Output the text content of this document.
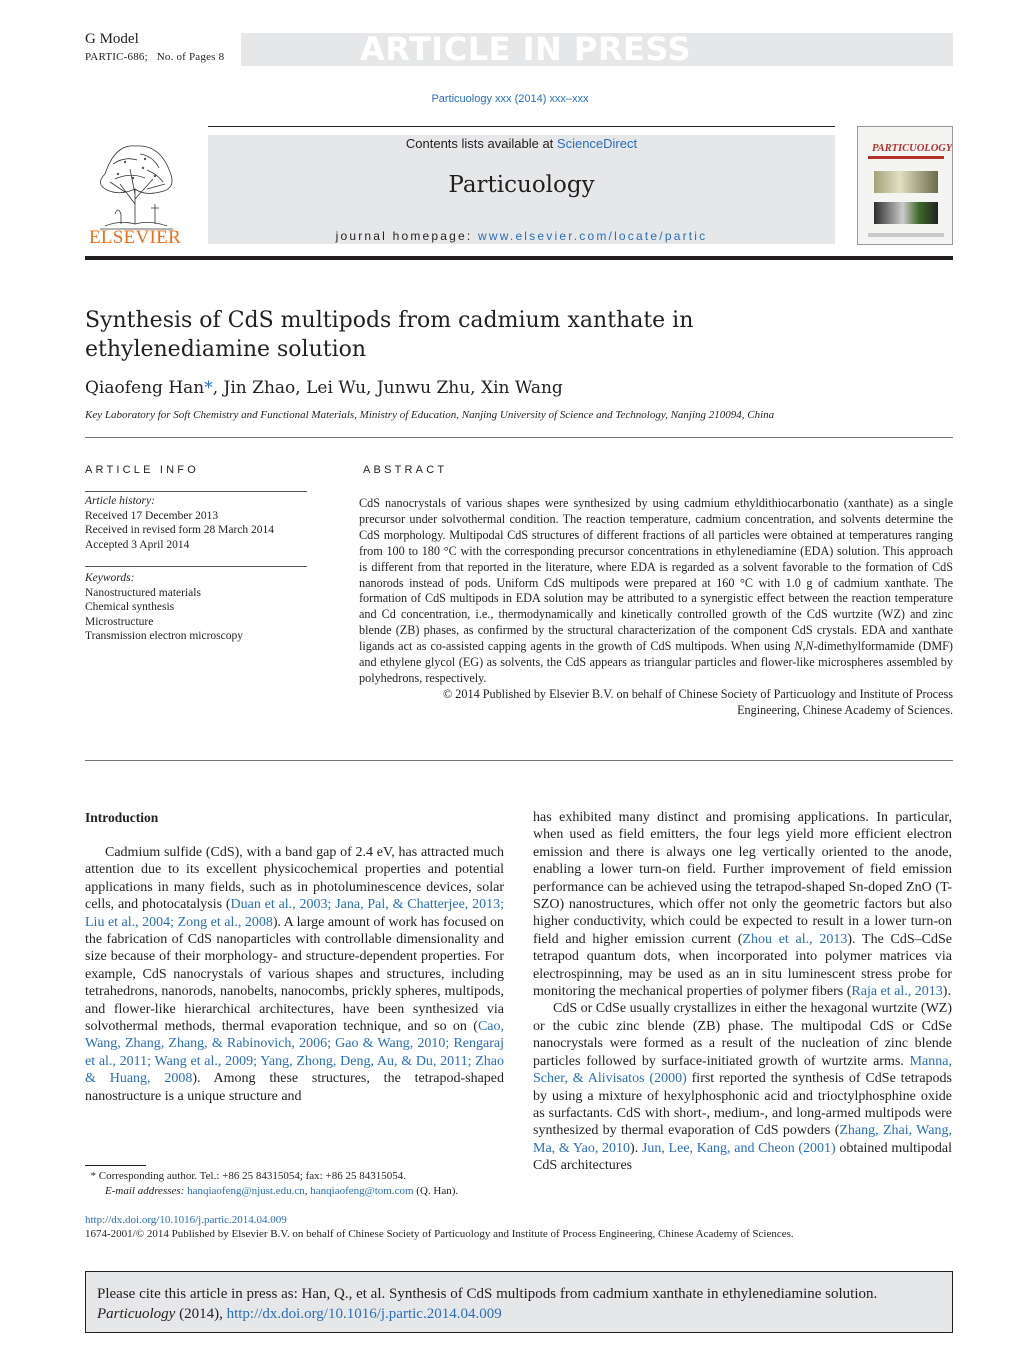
G Model
PARTIC-686; No. of Pages 8	ARTICLE IN PRESS
Particuology xxx (2014) xxx–xxx
Contents lists available at ScienceDirect
Particuology
journal homepage: www.elsevier.com/locate/partic
ELSEVIER
PARTICUOLOGY
Synthesis of CdS multipods from cadmium xanthate in ethylenediamine solution
Qiaofeng Han*, Jin Zhao, Lei Wu, Junwu Zhu, Xin Wang
Key Laboratory for Soft Chemistry and Functional Materials, Ministry of Education, Nanjing University of Science and Technology, Nanjing 210094, China
ARTICLE INFO
Article history:
Received 17 December 2013
Received in revised form 28 March 2014
Accepted 3 April 2014
Keywords:
Nanostructured materials
Chemical synthesis
Microstructure
Transmission electron microscopy
ABSTRACT
CdS nanocrystals of various shapes were synthesized by using cadmium ethyldithiocarbonatio (xanthate) as a single precursor under solvothermal condition. The reaction temperature, cadmium concentration, and solvents determine the CdS morphology. Multipodal CdS structures of different fractions of all particles were obtained at temperatures ranging from 100 to 180 °C with the corresponding precursor concentrations in ethylenediamine (EDA) solution. This approach is different from that reported in the literature, where EDA is regarded as a solvent favorable to the formation of CdS nanorods instead of pods. Uniform CdS multipods were prepared at 160 °C with 1.0 g of cadmium xanthate. The formation of CdS multipods in EDA solution may be attributed to a synergistic effect between the reaction temperature and Cd concentration, i.e., thermodynamically and kinetically controlled growth of the CdS wurtzite (WZ) and zinc blende (ZB) phases, as confirmed by the structural characterization of the component CdS crystals. EDA and xanthate ligands act as co-assisted capping agents in the growth of CdS multipods. When using N,N-dimethylformamide (DMF) and ethylene glycol (EG) as solvents, the CdS appears as triangular particles and flower-like microspheres assembled by polyhedrons, respectively.
© 2014 Published by Elsevier B.V. on behalf of Chinese Society of Particuology and Institute of Process
Engineering, Chinese Academy of Sciences.
Introduction

Cadmium sulfide (CdS), with a band gap of 2.4 eV, has attracted much attention due to its excellent physicochemical properties and potential applications in many fields, such as in photoluminescence devices, solar cells, and photocatalysis (Duan et al., 2003; Jana, Pal, & Chatterjee, 2013; Liu et al., 2004; Zong et al., 2008). A large amount of work has focused on the fabrication of CdS nanoparticles with controllable dimensionality and size because of their morphology- and structure-dependent properties. For example, CdS nanocrystals of various shapes and structures, including tetrahedrons, nanorods, nanobelts, nanocombs, prickly spheres, multipods, and flower-like hierarchical architectures, have been synthesized via solvothermal methods, thermal evaporation technique, and so on (Cao, Wang, Zhang, Zhang, & Rabinovich, 2006; Gao & Wang, 2010; Rengaraj et al., 2011; Wang et al., 2009; Yang, Zhong, Deng, Au, & Du, 2011; Zhao & Huang, 2008). Among these structures, the tetrapod-shaped nanostructure is a unique structure and

has exhibited many distinct and promising applications. In particular, when used as field emitters, the four legs yield more efficient electron emission and there is always one leg vertically oriented to the anode, enabling a lower turn-on field. Further improvement of field emission performance can be achieved using the tetrapod-shaped Sn-doped ZnO (T-SZO) nanostructures, which offer not only the geometric factors but also higher conductivity, which could be expected to result in a lower turn-on field and higher emission current (Zhou et al., 2013). The CdS–CdSe tetrapod quantum dots, when incorporated into polymer matrices via electrospinning, may be used as an in situ luminescent stress probe for monitoring the mechanical properties of polymer fibers (Raja et al., 2013).

CdS or CdSe usually crystallizes in either the hexagonal wurtzite (WZ) or the cubic zinc blende (ZB) phase. The multipodal CdS or CdSe nanocrystals were formed as a result of the nucleation of zinc blende particles followed by surface-initiated growth of wurtzite arms. Manna, Scher, & Alivisatos (2000) first reported the synthesis of CdSe tetrapods by using a mixture of hexylphosphonic acid and trioctylphosphine oxide as surfactants. CdS with short-, medium-, and long-armed multipods were synthesized by thermal evaporation of CdS powders (Zhang, Zhai, Wang, Ma, & Yao, 2010). Jun, Lee, Kang, and Cheon (2001) obtained multipodal CdS architectures

* Corresponding author. Tel.: +86 25 84315054; fax: +86 25 84315054.
E-mail addresses: hanqiaofeng@njust.edu.cn, hanqiaofeng@tom.com (Q. Han).
http://dx.doi.org/10.1016/j.partic.2014.04.009
1674-2001/© 2014 Published by Elsevier B.V. on behalf of Chinese Society of Particuology and Institute of Process Engineering, Chinese Academy of Sciences.
Please cite this article in press as: Han, Q., et al. Synthesis of CdS multipods from cadmium xanthate in ethylenediamine solution.
Particuology (2014), http://dx.doi.org/10.1016/j.partic.2014.04.009
